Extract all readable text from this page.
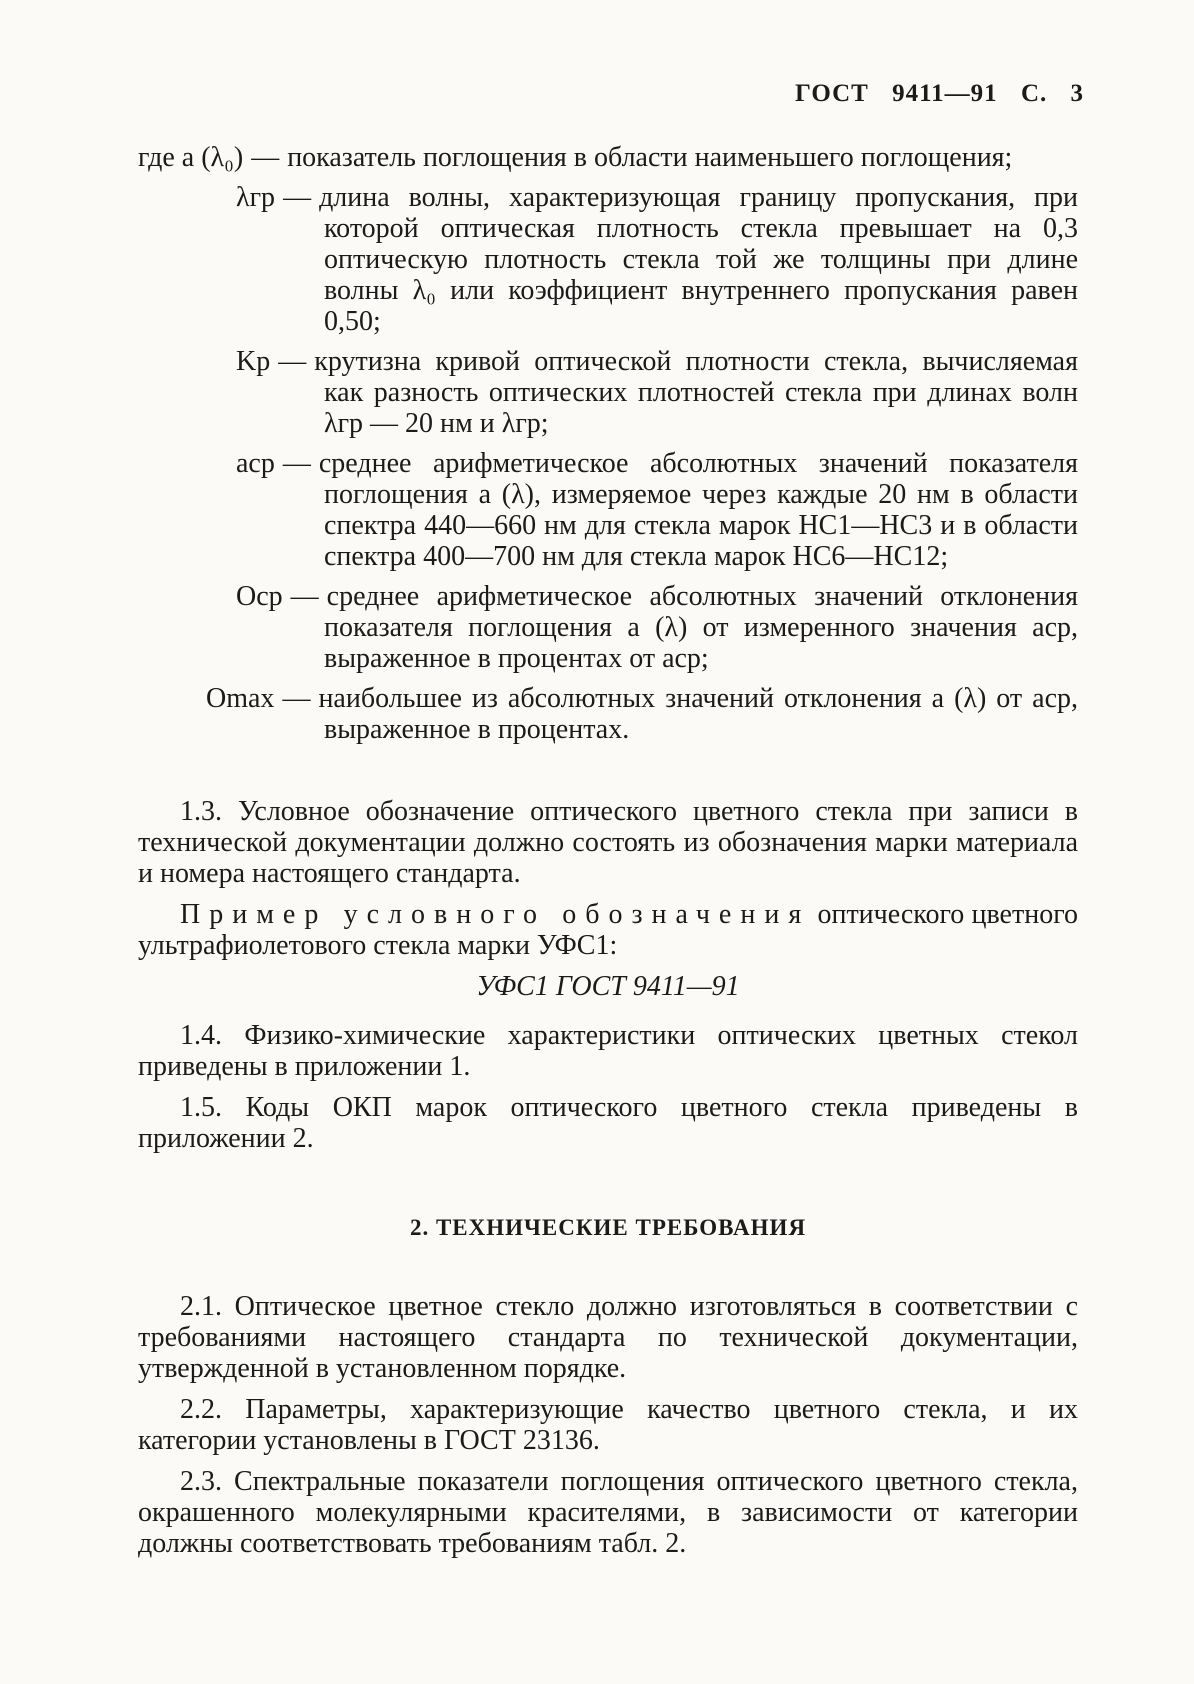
ГОСТ 9411—91 С. 3
где a (λ₀) — показатель поглощения в области наименьшего поглощения;
λгр — длина волны, характеризующая границу пропускания, при которой оптическая плотность стекла превышает на 0,3 оптическую плотность стекла той же толщины при длине волны λ₀ или коэффициент внутреннего пропускания равен 0,50;
Kр — крутизна кривой оптической плотности стекла, вычисляемая как разность оптических плотностей стекла при длинах волн λгр — 20 нм и λгр;
aср — среднее арифметическое абсолютных значений показателя поглощения a (λ), измеряемое через каждые 20 нм в области спектра 440—660 нм для стекла марок НС1—НС3 и в области спектра 400—700 нм для стекла марок НС6—НС12;
Oср — среднее арифметическое абсолютных значений отклонения показателя поглощения a (λ) от измеренного значения aср, выраженное в процентах от aср;
Omax — наибольшее из абсолютных значений отклонения a (λ) от aср, выраженное в процентах.

1.3. Условное обозначение оптического цветного стекла при записи в технической документации должно состоять из обозначения марки материала и номера настоящего стандарта.

Пример условного обозначения оптического цветного ультрафиолетового стекла марки УФС1:

УФС1 ГОСТ 9411—91

1.4. Физико-химические характеристики оптических цветных стекол приведены в приложении 1.

1.5. Коды ОКП марок оптического цветного стекла приведены в приложении 2.

2. ТЕХНИЧЕСКИЕ ТРЕБОВАНИЯ

2.1. Оптическое цветное стекло должно изготовляться в соответствии с требованиями настоящего стандарта по технической документации, утвержденной в установленном порядке.

2.2. Параметры, характеризующие качество цветного стекла, и их категории установлены в ГОСТ 23136.

2.3. Спектральные показатели поглощения оптического цветного стекла, окрашенного молекулярными красителями, в зависимости от категории должны соответствовать требованиям табл. 2.
